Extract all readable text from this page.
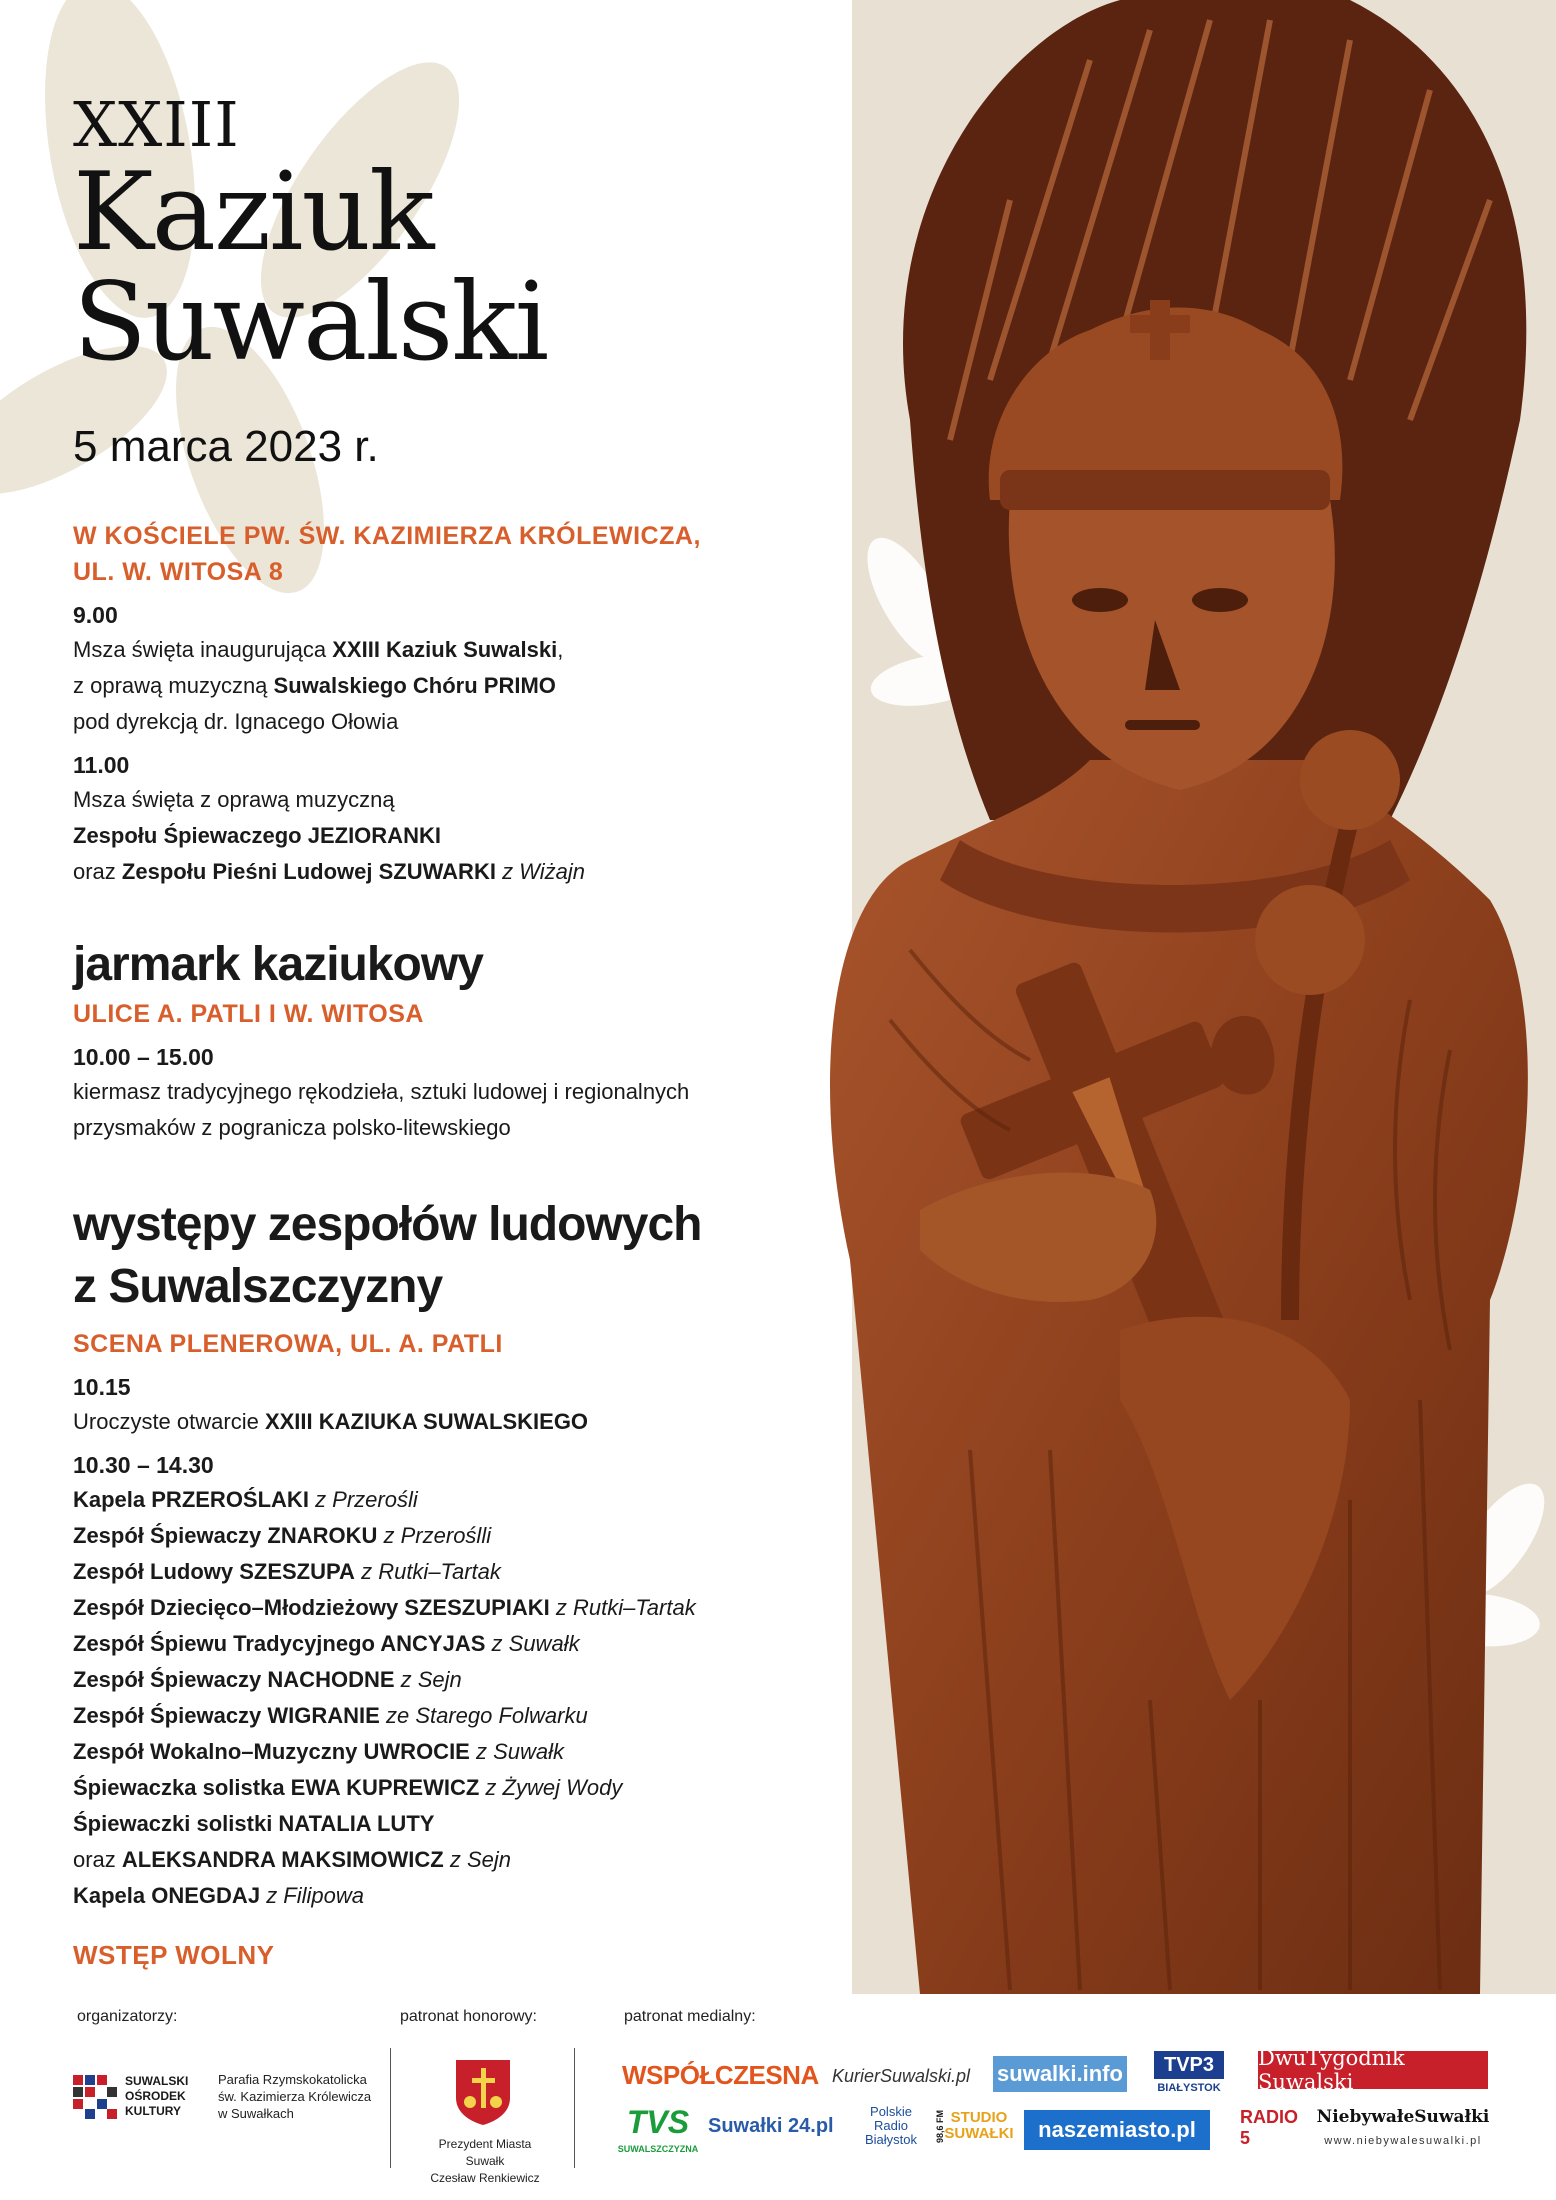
XXIII
Kaziuk
Suwalski
5 marca 2023 r.
W KOŚCIELE PW. ŚW. KAZIMIERZA KRÓLEWICZA,
UL. W. WITOSA 8
9.00
Msza święta inaugurująca XXIII Kaziuk Suwalski,
z oprawą muzyczną Suwalskiego Chóru PRIMO
pod dyrekcją dr. Ignacego Ołowia
11.00
Msza święta z oprawą muzyczną
Zespołu Śpiewaczego JEZIORANKI
oraz Zespołu Pieśni Ludowej SZUWARKI z Wiżajn
jarmark kaziukowy
ULICE A. PATLI I W. WITOSA
10.00 – 15.00
kiermasz tradycyjnego rękodzieła, sztuki ludowej i regionalnych
przysmaków z pogranicza polsko-litewskiego
występy zespołów ludowych
z Suwalszczyzny
SCENA PLENEROWA, UL. A. PATLI
10.15
Uroczyste otwarcie XXIII KAZIUKA SUWALSKIEGO
10.30 – 14.30
Kapela PRZEROŚLAKI z Przerośli
Zespół Śpiewaczy ZNAROKU z Przeroślli
Zespół Ludowy SZESZUPA z Rutki–Tartak
Zespół Dziecięco–Młodzieżowy SZESZUPIAKI z Rutki–Tartak
Zespół Śpiewu Tradycyjnego ANCYJAS z Suwałk
Zespół Śpiewaczy NACHODNE z Sejn
Zespół Śpiewaczy WIGRANIE ze Starego Folwarku
Zespół Wokalno–Muzyczny UWROCIE z Suwałk
Śpiewaczka solistka EWA KUPREWICZ z Żywej Wody
Śpiewaczki solistki NATALIA LUTY
oraz ALEKSANDRA MAKSIMOWICZ z Sejn
Kapela ONEGDAJ z Filipowa
WSTĘP WOLNY
organizatorzy:	patronat honorowy:	patronat medialny:
SUWALSKI
OŚRODEK
KULTURY
Parafia Rzymskokatolicka
św. Kazimierza Królewicza
w Suwałkach
Prezydent Miasta Suwałk
Czesław Renkiewicz
WSPÓŁCZESNA KurierSuwalski.pl suwalki.info	TVP3
BIAŁYSTOK
DwuTygodnik Suwalski
TVS
SUWALSZCZYZNA
Suwałki 24.pl
Polskie Radio Białystok	98,6 FM STUDIO SUWAŁKI	naszemiasto.pl	RADIO 5
NiebywałeSuwałki
www.niebywalesuwalki.pl
